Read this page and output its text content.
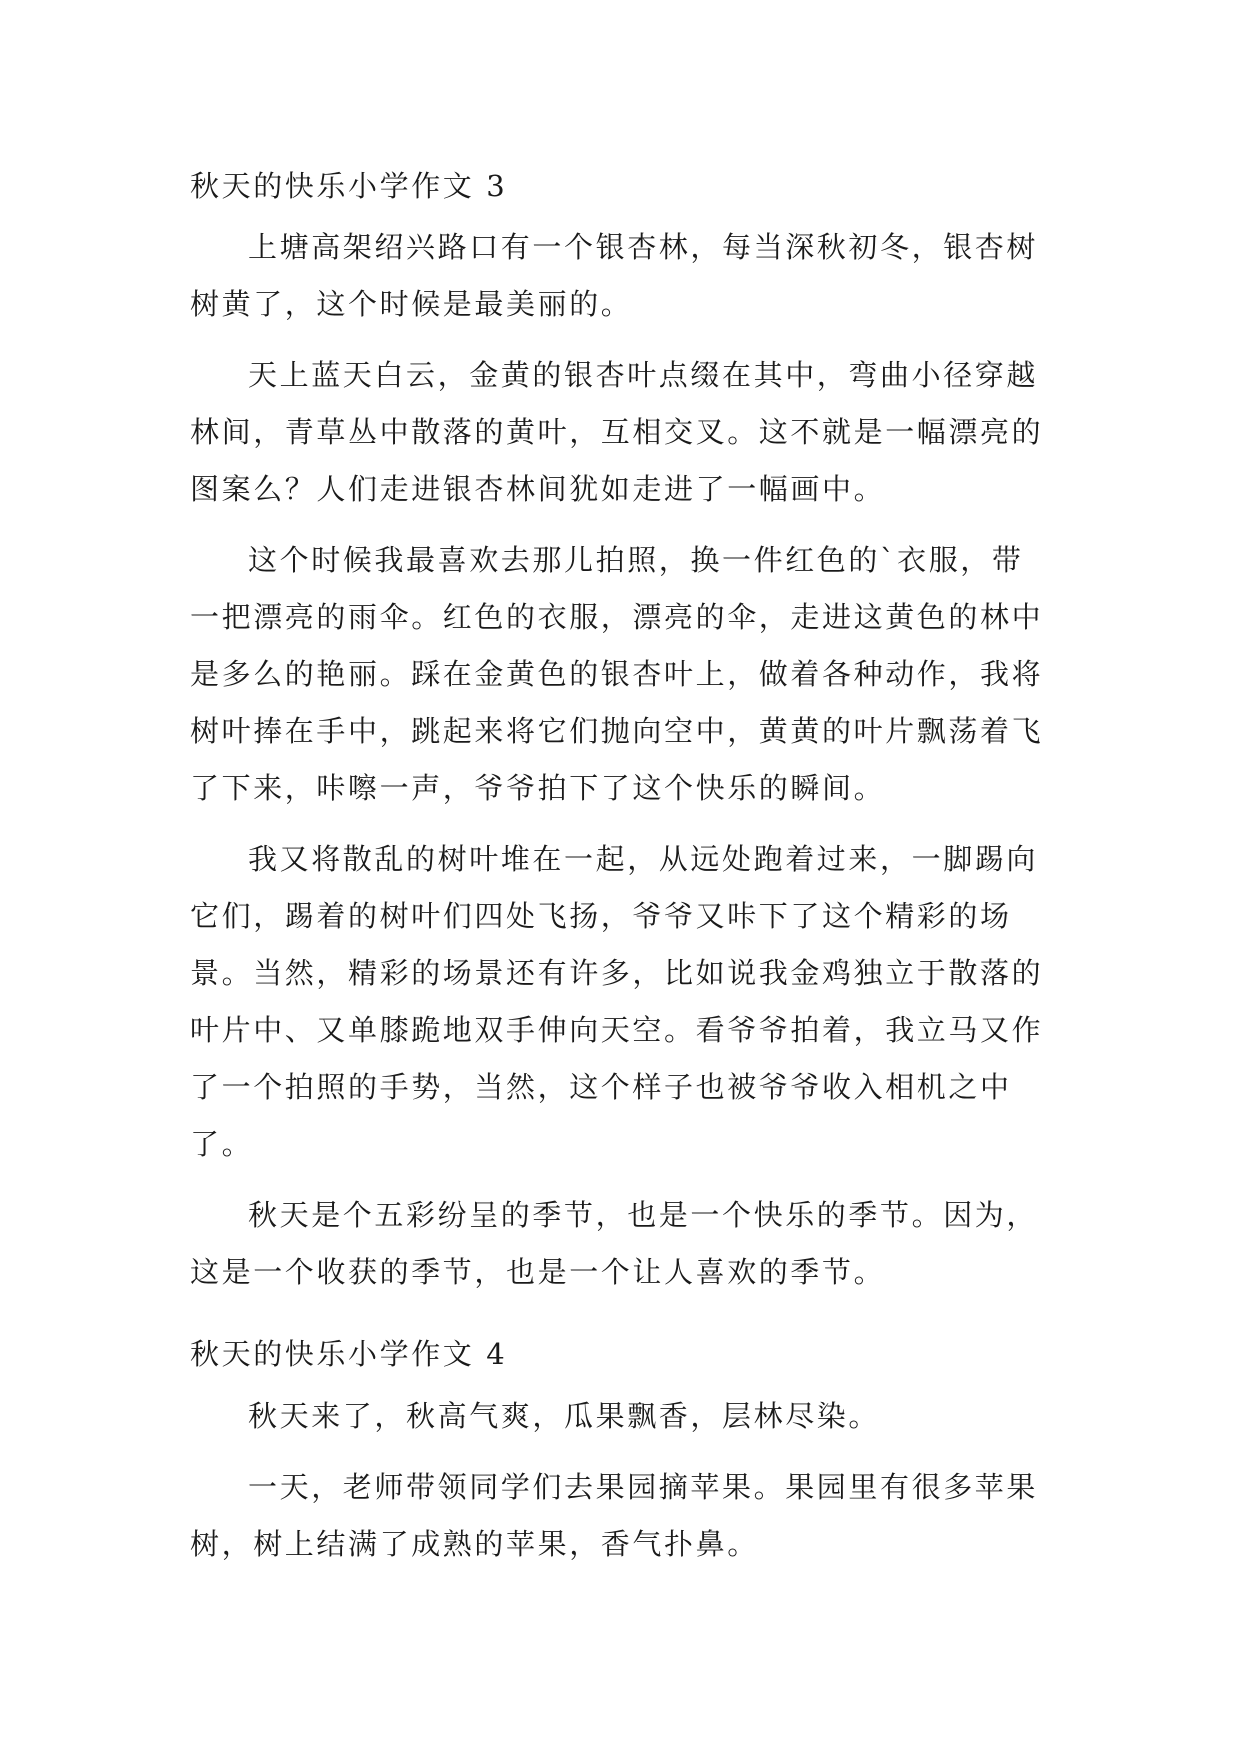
秋天的快乐小学作文 3

上塘高架绍兴路口有一个银杏林，每当深秋初冬，银杏树树黄了，这个时候是最美丽的。

天上蓝天白云，金黄的银杏叶点缀在其中，弯曲小径穿越林间，青草丛中散落的黄叶，互相交叉。这不就是一幅漂亮的图案么？人们走进银杏林间犹如走进了一幅画中。

这个时候我最喜欢去那儿拍照，换一件红色的`衣服，带一把漂亮的雨伞。红色的衣服，漂亮的伞，走进这黄色的林中是多么的艳丽。踩在金黄色的银杏叶上，做着各种动作，我将树叶捧在手中，跳起来将它们抛向空中，黄黄的叶片飘荡着飞了下来，咔嚓一声，爷爷拍下了这个快乐的瞬间。

我又将散乱的树叶堆在一起，从远处跑着过来，一脚踢向它们，踢着的树叶们四处飞扬，爷爷又咔下了这个精彩的场景。当然，精彩的场景还有许多，比如说我金鸡独立于散落的叶片中、又单膝跪地双手伸向天空。看爷爷拍着，我立马又作了一个拍照的手势，当然，这个样子也被爷爷收入相机之中了。

秋天是个五彩纷呈的季节，也是一个快乐的季节。因为，这是一个收获的季节，也是一个让人喜欢的季节。

秋天的快乐小学作文 4

秋天来了，秋高气爽，瓜果飘香，层林尽染。

一天，老师带领同学们去果园摘苹果。果园里有很多苹果树，树上结满了成熟的苹果，香气扑鼻。
